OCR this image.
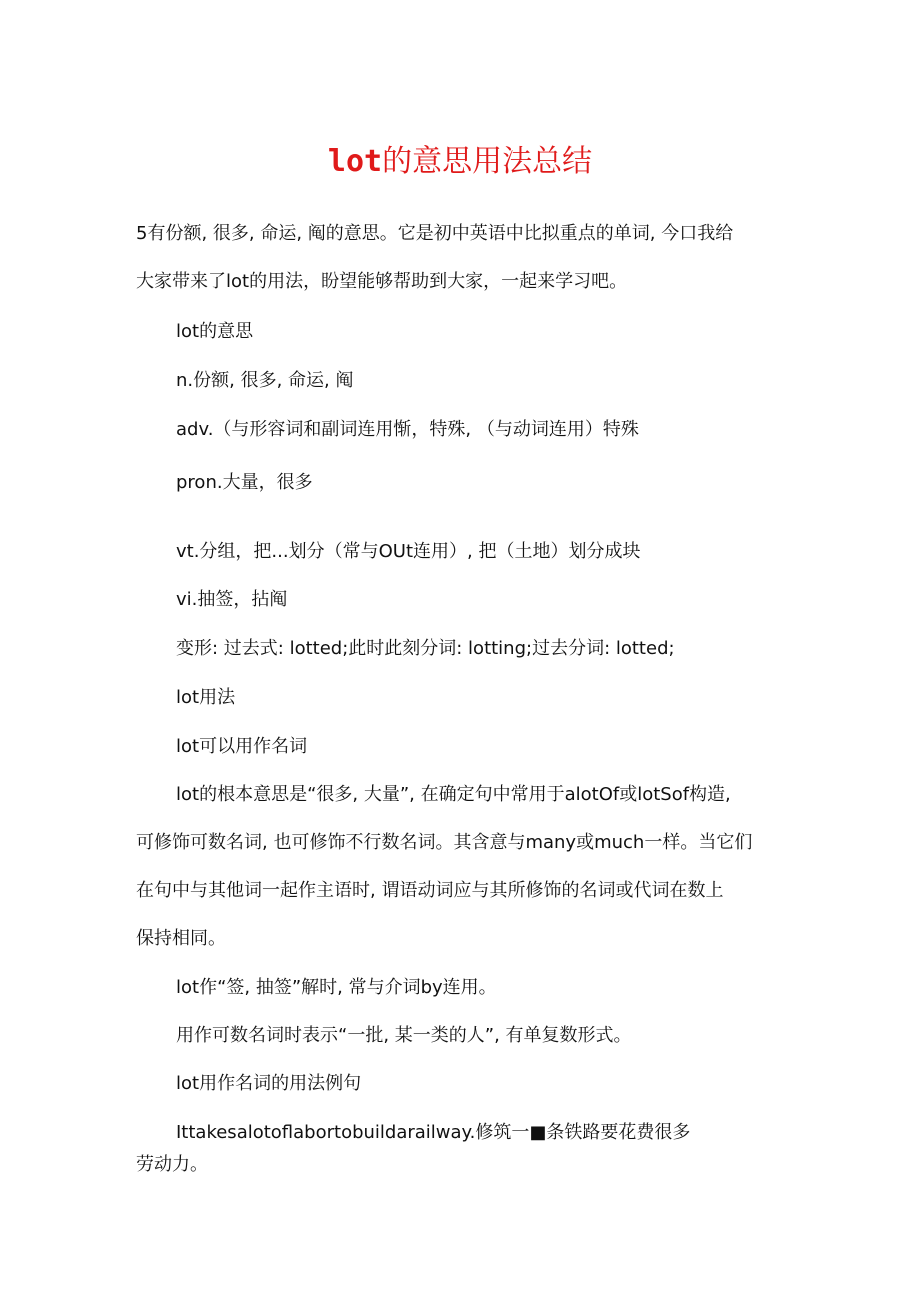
lot的意思用法总结
5有份额, 很多, 命运, 阄的意思。它是初中英语中比拟重点的单词, 今口我给
大家带来了lot的用法，盼望能够帮助到大家，一起来学习吧。
lot的意思
n.份额, 很多, 命运, 阄
adv.（与形容词和副词连用惭，特殊, （与动词连用）特殊
pron.大量，很多
vt.分组，把...划分（常与OUt连用）, 把（土地）划分成块
vi.抽签，拈阄
变形: 过去式: lotted;此时此刻分词: lotting;过去分词: lotted;
lot用法
lot可以用作名词
lot的根本意思是“很多, 大量”, 在确定句中常用于alotOf或lotSof构造,
可修饰可数名词, 也可修饰不行数名词。其含意与many或much一样。当它们
在句中与其他词一起作主语时, 谓语动词应与其所修饰的名词或代词在数上
保持相同。
lot作“签, 抽签”解时, 常与介词by连用。
用作可数名词时表示“一批, 某一类的人”, 有单复数形式。
lot用作名词的用法例句
Ittakesalotoflabortobuildarailway.修筑一■条铁路要花费很多
劳动力。
